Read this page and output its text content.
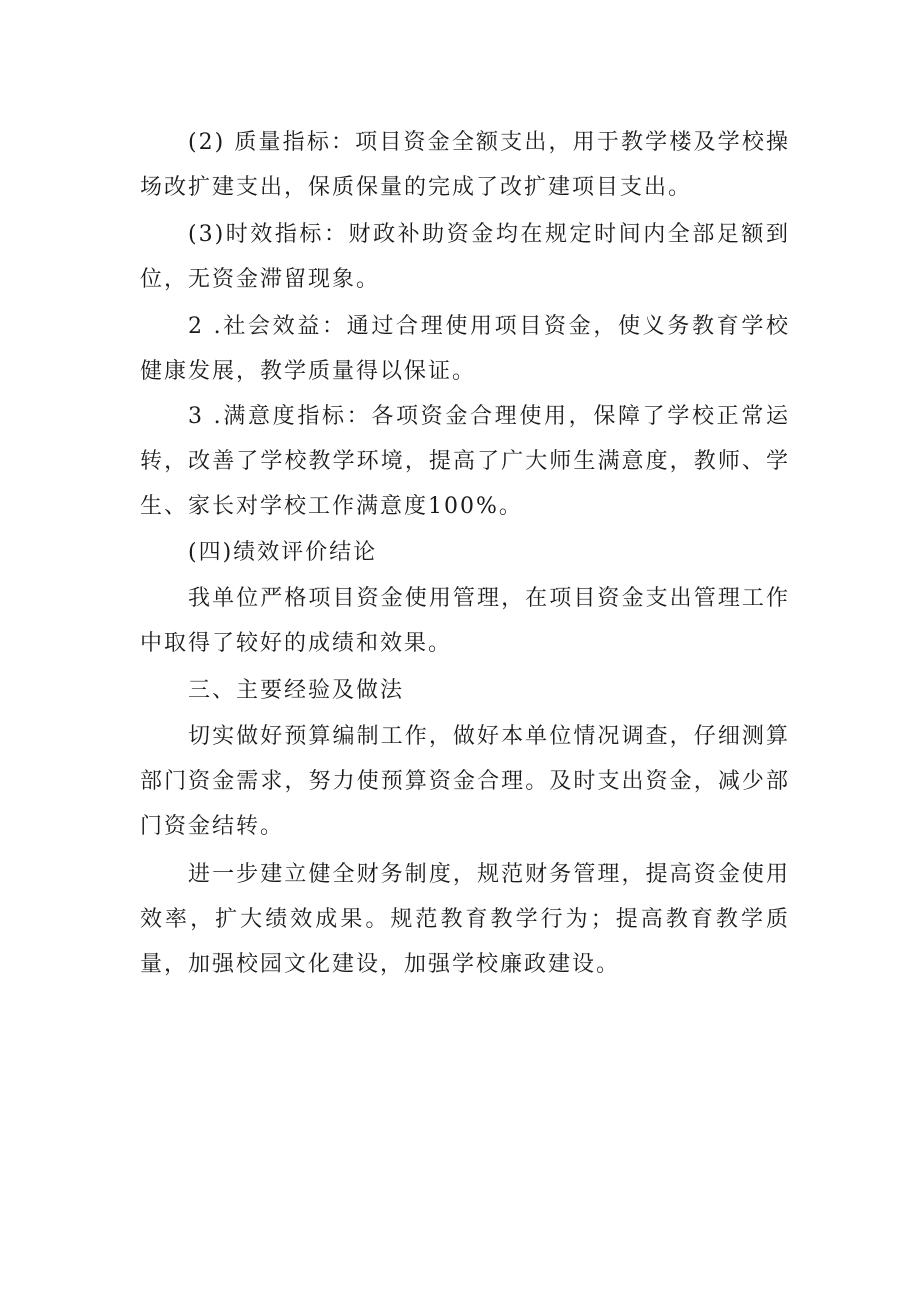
(2) 质量指标：项目资金全额支出，用于教学楼及学校操场改扩建支出，保质保量的完成了改扩建项目支出。

(3)时效指标：财政补助资金均在规定时间内全部足额到位，无资金滞留现象。

2 .社会效益：通过合理使用项目资金，使义务教育学校健康发展，教学质量得以保证。

3 .满意度指标：各项资金合理使用，保障了学校正常运转，改善了学校教学环境，提高了广大师生满意度，教师、学生、家长对学校工作满意度100%。

(四)绩效评价结论

我单位严格项目资金使用管理，在项目资金支出管理工作中取得了较好的成绩和效果。

三、主要经验及做法

切实做好预算编制工作，做好本单位情况调查，仔细测算部门资金需求，努力使预算资金合理。及时支出资金，减少部门资金结转。

进一步建立健全财务制度，规范财务管理，提高资金使用效率，扩大绩效成果。规范教育教学行为；提高教育教学质量，加强校园文化建设，加强学校廉政建设。
